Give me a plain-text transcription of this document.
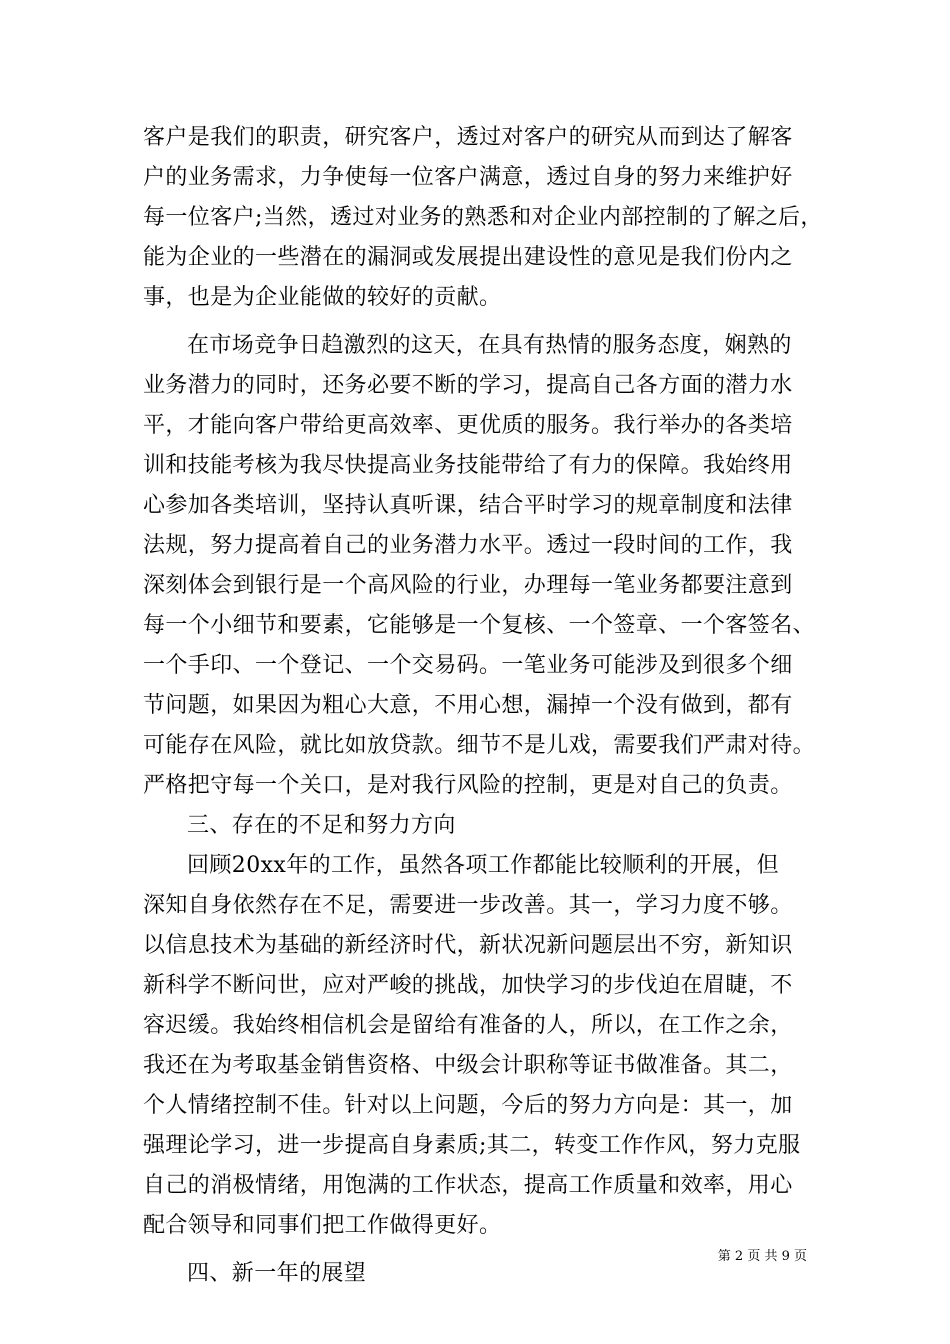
客户是我们的职责，研究客户，透过对客户的研究从而到达了解客
户的业务需求，力争使每一位客户满意，透过自身的努力来维护好
每一位客户;当然，透过对业务的熟悉和对企业内部控制的了解之后，
能为企业的一些潜在的漏洞或发展提出建设性的意见是我们份内之
事，也是为企业能做的较好的贡献。
在市场竞争日趋激烈的这天，在具有热情的服务态度，娴熟的
业务潜力的同时，还务必要不断的学习，提高自己各方面的潜力水
平，才能向客户带给更高效率、更优质的服务。我行举办的各类培
训和技能考核为我尽快提高业务技能带给了有力的保障。我始终用
心参加各类培训，坚持认真听课，结合平时学习的规章制度和法律
法规，努力提高着自己的业务潜力水平。透过一段时间的工作，我
深刻体会到银行是一个高风险的行业，办理每一笔业务都要注意到
每一个小细节和要素，它能够是一个复核、一个签章、一个客签名、
一个手印、一个登记、一个交易码。一笔业务可能涉及到很多个细
节问题，如果因为粗心大意，不用心想，漏掉一个没有做到，都有
可能存在风险，就比如放贷款。细节不是儿戏，需要我们严肃对待。
严格把守每一个关口，是对我行风险的控制，更是对自己的负责。
三、存在的不足和努力方向
回顾20xx年的工作，虽然各项工作都能比较顺利的开展，但
深知自身依然存在不足，需要进一步改善。其一，学习力度不够。
以信息技术为基础的新经济时代，新状况新问题层出不穷，新知识
新科学不断问世，应对严峻的挑战，加快学习的步伐迫在眉睫，不
容迟缓。我始终相信机会是留给有准备的人，所以，在工作之余，
我还在为考取基金销售资格、中级会计职称等证书做准备。其二，
个人情绪控制不佳。针对以上问题，今后的努力方向是：其一，加
强理论学习，进一步提高自身素质;其二，转变工作作风，努力克服
自己的消极情绪，用饱满的工作状态，提高工作质量和效率，用心
配合领导和同事们把工作做得更好。
四、新一年的展望
第 2 页 共 9 页
